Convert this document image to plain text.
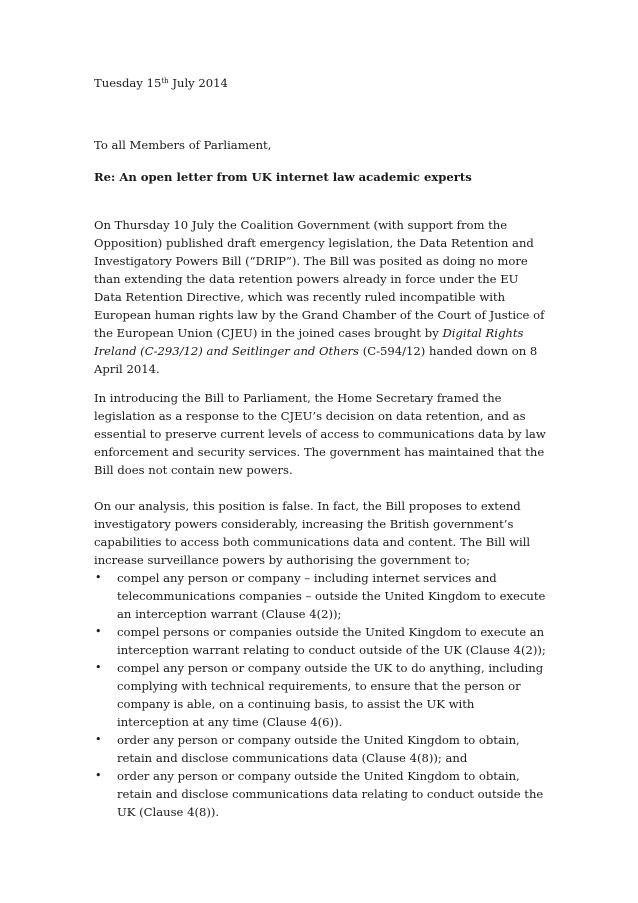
Tuesday 15th July 2014

To all Members of Parliament,

Re: An open letter from UK internet law academic experts

On Thursday 10 July the Coalition Government (with support from the Opposition) published draft emergency legislation, the Data Retention and Investigatory Powers Bill (“DRIP”). The Bill was posited as doing no more than extending the data retention powers already in force under the EU Data Retention Directive, which was recently ruled incompatible with European human rights law by the Grand Chamber of the Court of Justice of the European Union (CJEU) in the joined cases brought by Digital Rights Ireland (C-293/12) and Seitlinger and Others (C-594/12) handed down on 8 April 2014.

In introducing the Bill to Parliament, the Home Secretary framed the legislation as a response to the CJEU’s decision on data retention, and as essential to preserve current levels of access to communications data by law enforcement and security services. The government has maintained that the Bill does not contain new powers.

On our analysis, this position is false. In fact, the Bill proposes to extend investigatory powers considerably, increasing the British government’s capabilities to access both communications data and content. The Bill will increase surveillance powers by authorising the government to;

• compel any person or company – including internet services and telecommunications companies – outside the United Kingdom to execute an interception warrant (Clause 4(2));
• compel persons or companies outside the United Kingdom to execute an interception warrant relating to conduct outside of the UK (Clause 4(2));
• compel any person or company outside the UK to do anything, including complying with technical requirements, to ensure that the person or company is able, on a continuing basis, to assist the UK with interception at any time (Clause 4(6)).
• order any person or company outside the United Kingdom to obtain, retain and disclose communications data (Clause 4(8)); and
• order any person or company outside the United Kingdom to obtain, retain and disclose communications data relating to conduct outside the UK (Clause 4(8)).
